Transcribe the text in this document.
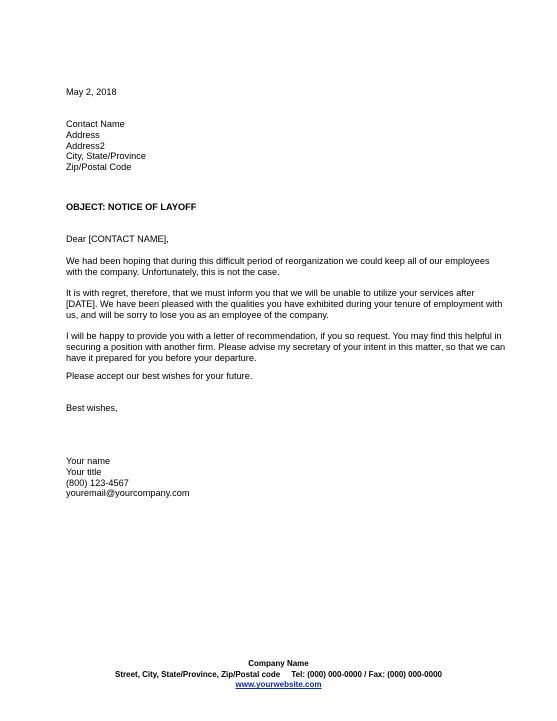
May 2, 2018
Contact Name
Address
Address2
City, State/Province
Zip/Postal Code
OBJECT: NOTICE OF LAYOFF
Dear [CONTACT NAME],
We had been hoping that during this difficult period of reorganization we could keep all of our employees with the company. Unfortunately, this is not the case.
It is with regret, therefore, that we must inform you that we will be unable to utilize your services after [DATE]. We have been pleased with the qualities you have exhibited during your tenure of employment with us, and will be sorry to lose you as an employee of the company.
I will be happy to provide you with a letter of recommendation, if you so request. You may find this helpful in securing a position with another firm. Please advise my secretary of your intent in this matter, so that we can have it prepared for you before your departure.
Please accept our best wishes for your future.
Best wishes,
Your name
Your title
(800) 123-4567
youremail@yourcompany.com
Company Name
Street, City, State/Province, Zip/Postal code     Tel: (000) 000-0000 / Fax: (000) 000-0000
www.yourwebsite.com
